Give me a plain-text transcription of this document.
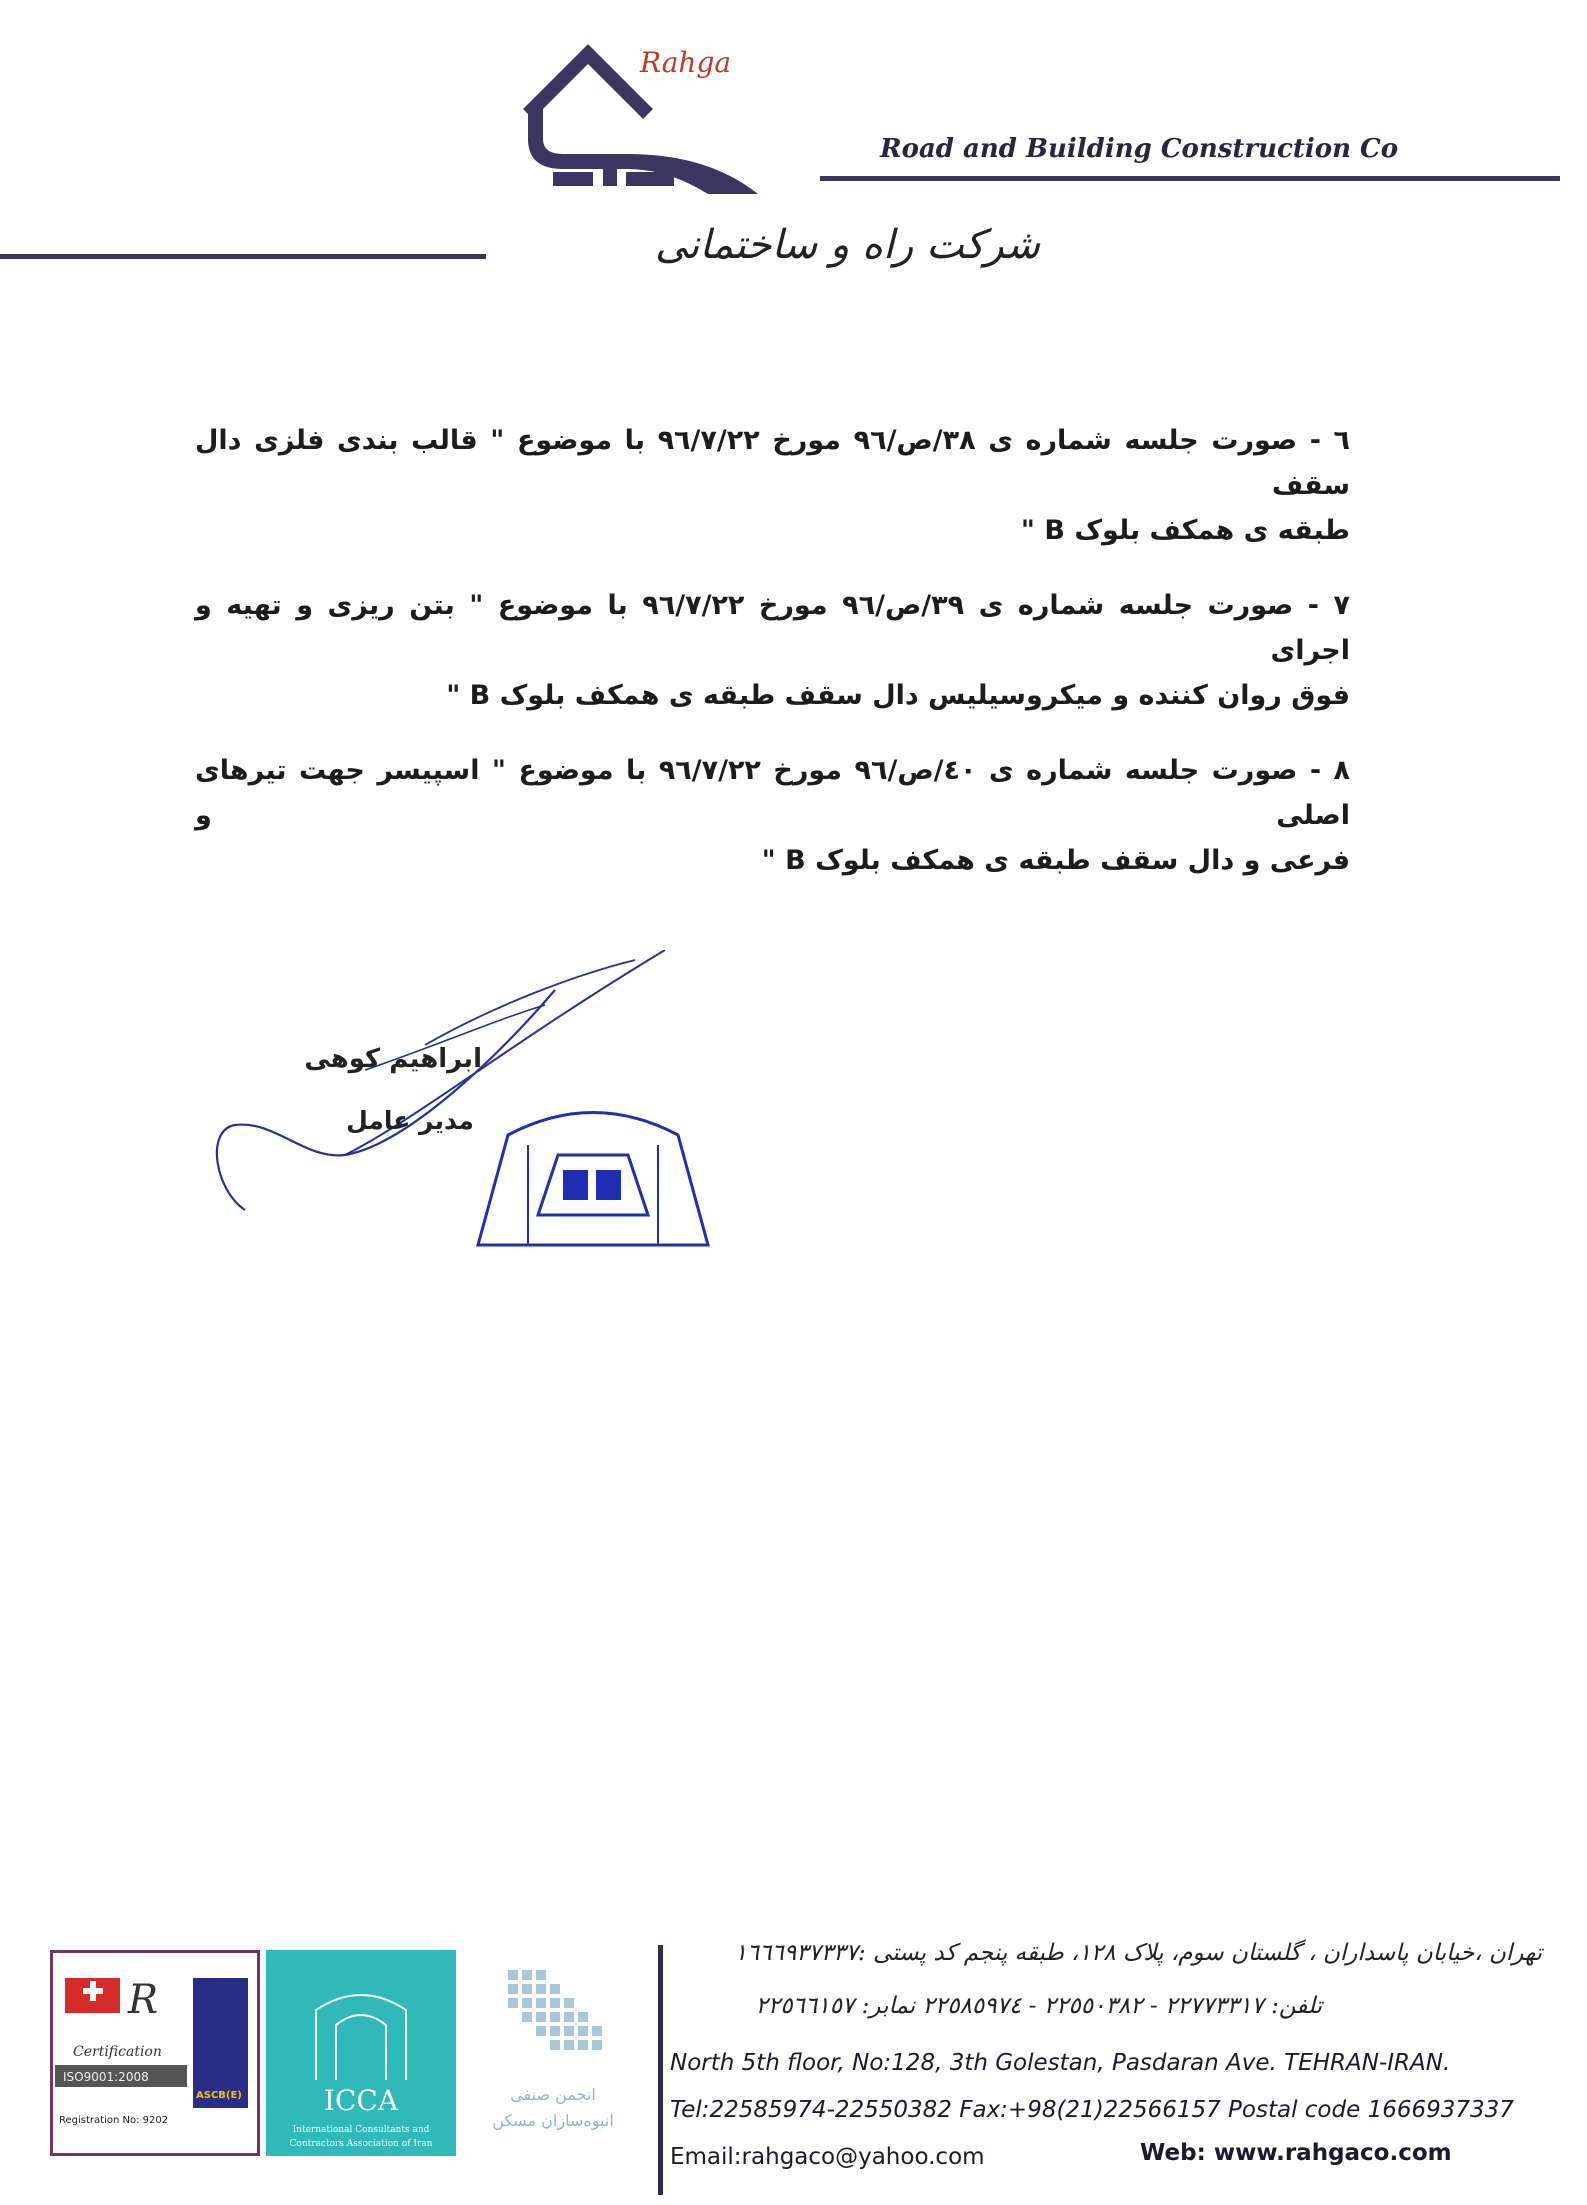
Rahga
Road and Building Construction Co
شرکت راه و ساختمانی
٦ - صورت جلسه شماره ی ٣٨/ص/٩٦ مورخ ٩٦/٧/٢٢ با موضوع " قالب بندی فلزی دال سقف
طبقه ی همکف بلوک B "
٧ - صورت جلسه شماره ی ٣٩/ص/٩٦ مورخ ٩٦/٧/٢٢ با موضوع " بتن ریزی و تهیه و اجرای
فوق روان کننده و میکروسیلیس دال سقف طبقه ی همکف بلوک B "
٨ - صورت جلسه شماره ی ٤٠/ص/٩٦ مورخ ٩٦/٧/٢٢ با موضوع " اسپیسر جهت تیرهای اصلی و
فرعی و دال سقف طبقه ی همکف بلوک B "
ابراهیم کوهی
مدیر عامل
R
Certification
ISO9001:2008
Registration No: 9202
ASCB(E)	ICCA
International Consultants and
Contractors Association of Iran
انجمن صنفی
انبوه‌سازان مسکن
تهران ،خیابان پاسداران ، گلستان سوم، پلاک ١٢٨، طبقه پنجم کد پستی :١٦٦٦٩٣٧٣٣٧
تلفن: ٢٢٧٧٣٣١٧ - ٢٢٥٥٠٣٨٢ - ٢٢٥٨٥٩٧٤ نمابر: ٢٢٥٦٦١٥٧
North 5th floor, No:128, 3th Golestan, Pasdaran Ave. TEHRAN-IRAN.
Tel:22585974-22550382 Fax:+98(21)22566157 Postal code 1666937337
Email:rahgaco@yahoo.com	Web: www.rahgaco.com
